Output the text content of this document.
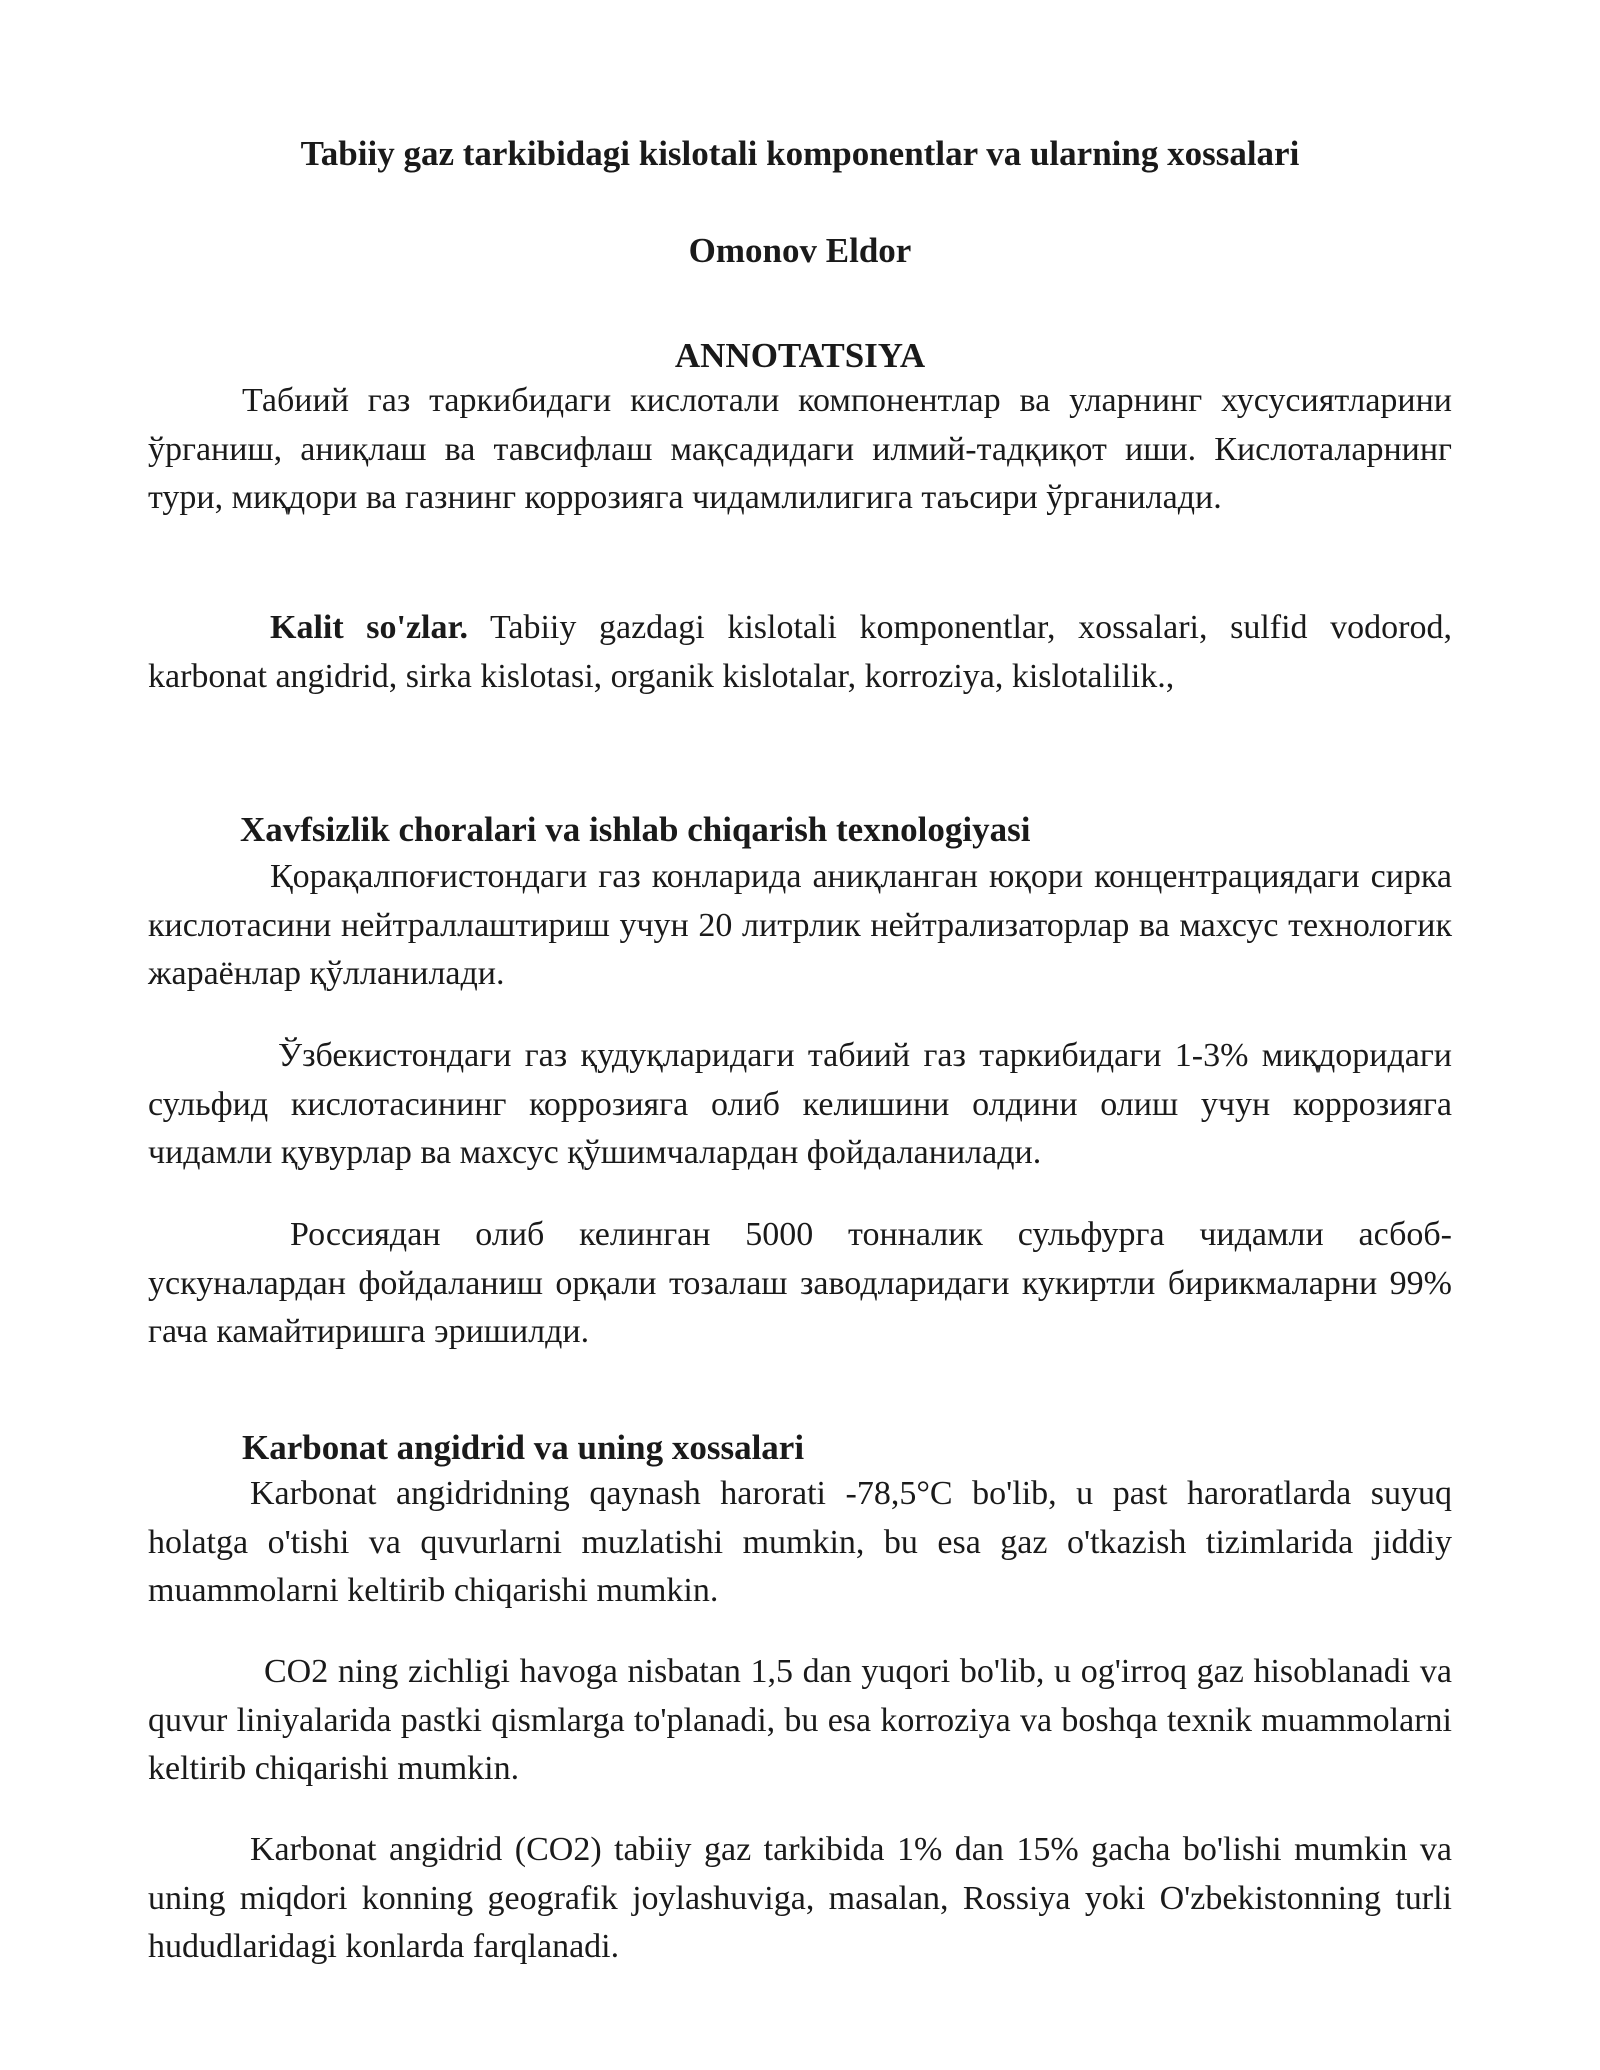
Tabiiy gaz tarkibidagi kislotali komponentlar va ularning xossalari

Omonov Eldor

ANNOTATSIYA

Табиий газ таркибидаги кислотали компонентлар ва уларнинг хусусиятларини ўрганиш, аниқлаш ва тавсифлаш мақсадидаги илмий-тадқиқот иши. Кислоталарнинг тури, миқдори ва газнинг коррозияга чидамлилигига таъсири ўрганилади.

Kalit so'zlar. Tabiiy gazdagi kislotali komponentlar, xossalari, sulfid vodorod, karbonat angidrid, sirka kislotasi, organik kislotalar, korroziya, kislotalilik.,

Xavfsizlik choralari va ishlab chiqarish texnologiyasi

Қорақалпоғистондаги газ конларида аниқланган юқори концентрациядаги сирка кислотасини нейтраллаштириш учун 20 литрлик нейтрализаторлар ва махсус технологик жараёнлар қўлланилади.

Ўзбекистондаги газ қудуқларидаги табиий газ таркибидаги 1-3% миқдоридаги сульфид кислотасининг коррозияга олиб келишини олдини олиш учун коррозияга чидамли қувурлар ва махсус қўшимчалардан фойдаланилади.

Россиядан олиб келинган 5000 тонналик сульфурга чидамли асбоб-ускуналардан фойдаланиш орқали тозалаш заводларидаги кукиртли бирикмаларни 99% гача камайтиришга эришилди.

Karbonat angidrid va uning xossalari

Karbonat angidridning qaynash harorati -78,5°C bo'lib, u past haroratlarda suyuq holatga o'tishi va quvurlarni muzlatishi mumkin, bu esa gaz o'tkazish tizimlarida jiddiy muammolarni keltirib chiqarishi mumkin.

CO2 ning zichligi havoga nisbatan 1,5 dan yuqori bo'lib, u og'irroq gaz hisoblanadi va quvur liniyalarida pastki qismlarga to'planadi, bu esa korroziya va boshqa texnik muammolarni keltirib chiqarishi mumkin.

Karbonat angidrid (CO2) tabiiy gaz tarkibida 1% dan 15% gacha bo'lishi mumkin va uning miqdori konning geografik joylashuviga, masalan, Rossiya yoki O'zbekistonning turli hududlaridagi konlarda farqlanadi.
